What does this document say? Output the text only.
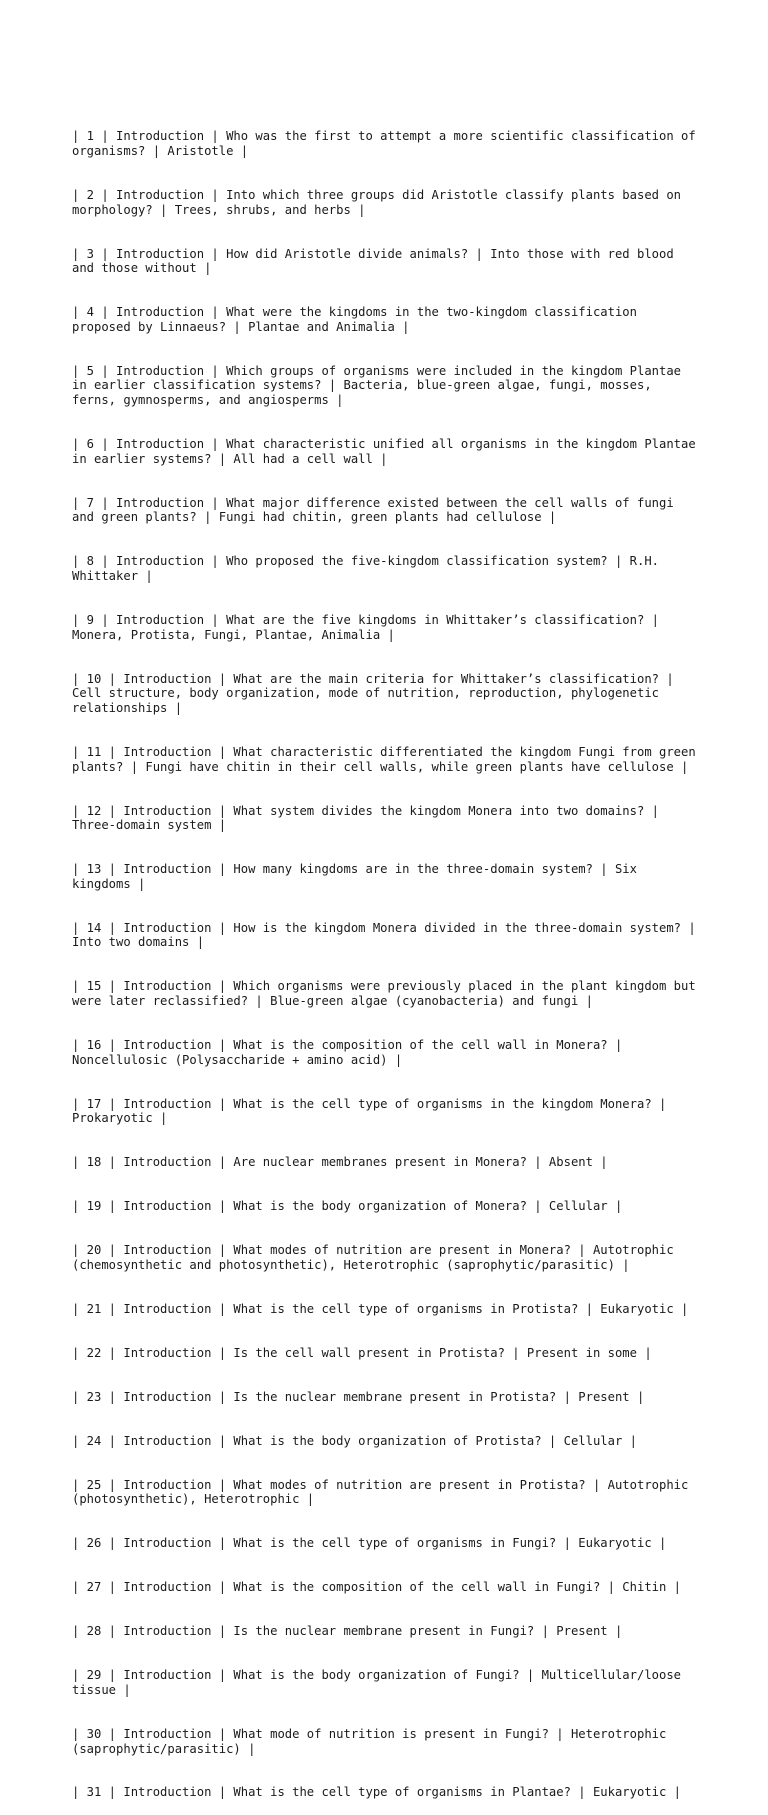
| 1 | Introduction | Who was the first to attempt a more scientific classification of organisms? | Aristotle |

| 2 | Introduction | Into which three groups did Aristotle classify plants based on morphology? | Trees, shrubs, and herbs |

| 3 | Introduction | How did Aristotle divide animals? | Into those with red blood and those without |

| 4 | Introduction | What were the kingdoms in the two-kingdom classification proposed by Linnaeus? | Plantae and Animalia |

| 5 | Introduction | Which groups of organisms were included in the kingdom Plantae in earlier classification systems? | Bacteria, blue-green algae, fungi, mosses, ferns, gymnosperms, and angiosperms |

| 6 | Introduction | What characteristic unified all organisms in the kingdom Plantae in earlier systems? | All had a cell wall |

| 7 | Introduction | What major difference existed between the cell walls of fungi and green plants? | Fungi had chitin, green plants had cellulose |

| 8 | Introduction | Who proposed the five-kingdom classification system? | R.H. Whittaker |

| 9 | Introduction | What are the five kingdoms in Whittaker’s classification? | Monera, Protista, Fungi, Plantae, Animalia |

| 10 | Introduction | What are the main criteria for Whittaker’s classification? | Cell structure, body organization, mode of nutrition, reproduction, phylogenetic relationships |

| 11 | Introduction | What characteristic differentiated the kingdom Fungi from green plants? | Fungi have chitin in their cell walls, while green plants have cellulose |

| 12 | Introduction | What system divides the kingdom Monera into two domains? | Three-domain system |

| 13 | Introduction | How many kingdoms are in the three-domain system? | Six kingdoms |

| 14 | Introduction | How is the kingdom Monera divided in the three-domain system? | Into two domains |

| 15 | Introduction | Which organisms were previously placed in the plant kingdom but were later reclassified? | Blue-green algae (cyanobacteria) and fungi |

| 16 | Introduction | What is the composition of the cell wall in Monera? | Noncellulosic (Polysaccharide + amino acid) |

| 17 | Introduction | What is the cell type of organisms in the kingdom Monera? | Prokaryotic |

| 18 | Introduction | Are nuclear membranes present in Monera? | Absent |

| 19 | Introduction | What is the body organization of Monera? | Cellular |

| 20 | Introduction | What modes of nutrition are present in Monera? | Autotrophic (chemosynthetic and photosynthetic), Heterotrophic (saprophytic/parasitic) |

| 21 | Introduction | What is the cell type of organisms in Protista? | Eukaryotic |

| 22 | Introduction | Is the cell wall present in Protista? | Present in some |

| 23 | Introduction | Is the nuclear membrane present in Protista? | Present |

| 24 | Introduction | What is the body organization of Protista? | Cellular |

| 25 | Introduction | What modes of nutrition are present in Protista? | Autotrophic (photosynthetic), Heterotrophic |

| 26 | Introduction | What is the cell type of organisms in Fungi? | Eukaryotic |

| 27 | Introduction | What is the composition of the cell wall in Fungi? | Chitin |

| 28 | Introduction | Is the nuclear membrane present in Fungi? | Present |

| 29 | Introduction | What is the body organization of Fungi? | Multicellular/loose tissue |

| 30 | Introduction | What mode of nutrition is present in Fungi? | Heterotrophic (saprophytic/parasitic) |

| 31 | Introduction | What is the cell type of organisms in Plantae? | Eukaryotic |
